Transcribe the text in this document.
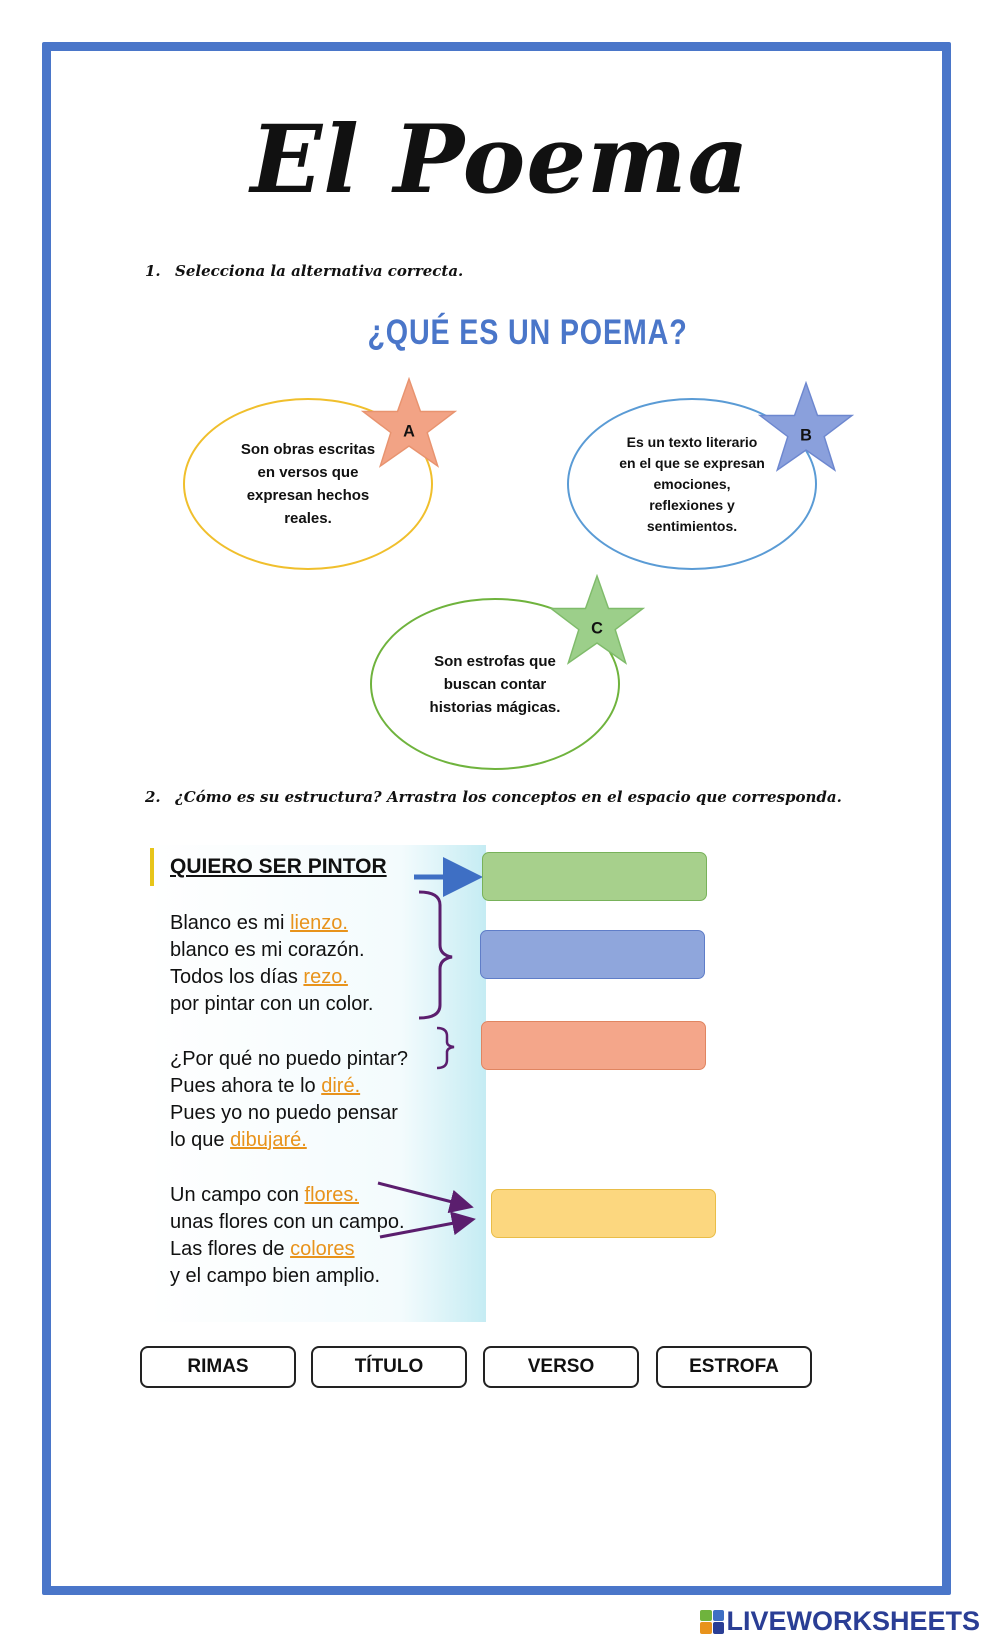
El Poema
1. Selecciona la alternativa correcta.
¿QUÉ ES UN POEMA?
Son obras escritas
en versos que
expresan hechos
reales.
A
Es un texto literario
en el que se expresan
emociones,
reflexiones y
sentimientos.
B
Son estrofas que
buscan contar
historias mágicas.
C
2. ¿Cómo es su estructura? Arrastra los conceptos en el espacio que corresponda.
QUIERO SER PINTOR
Blanco es mi lienzo.
blanco es mi corazón.
Todos los días rezo.
por pintar con un color.
¿Por qué no puedo pintar?
Pues ahora te lo diré.
Pues yo no puedo pensar
lo que dibujaré.
Un campo con flores.
unas flores con un campo.
Las flores de colores
y el campo bien amplio.
RIMAS	TÍTULO	VERSO	ESTROFA
LIVEWORKSHEETS
